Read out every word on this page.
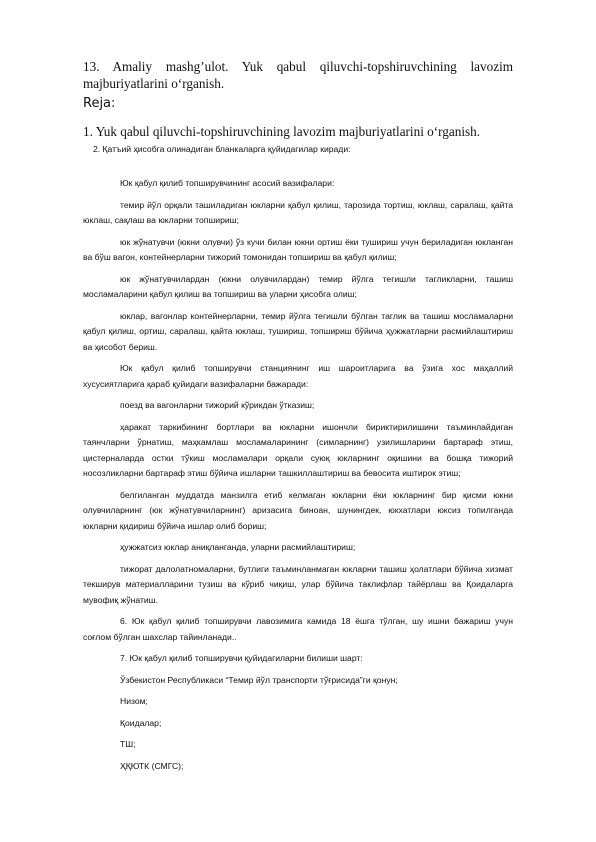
13. Amaliy mashg’ulot. Yuk qabul qiluvchi-topshiruvchining lavozim majburiyatlarini o‘rganish.
Reja:
1. Yuk qabul qiluvchi-topshiruvchining lavozim majburiyatlarini o‘rganish.
2. Қатъий ҳисобга олинадиган бланкаларга қуйидагилар киради:

Юк қабул қилиб топширувчининг асосий вазифалари:

темир йўл орқали ташиладиган юкларни қабул қилиш, тарозида тортиш, юклаш, саралаш, қайта юклаш, сақлаш ва юкларни топшириш;

юк жўнатувчи (юкни олувчи) ўз кучи билан юкни ортиш ёки тушириш учун бериладиган юкланган ва бўш вагон, контейнерларни тижорий томонидан топшириш ва қабул қилиш;

юк жўнатувчилардан (юкни олувчилардан) темир йўлга тегишли тагликларни, ташиш мосламаларини қабул қилиш ва топшириш ва уларни ҳисобга олиш;

юклар, вагонлар контейнерларни, темир йўлга тегишли бўлган таглик ва ташиш мосламаларни қабул қилиш, ортиш, саралаш, қайта юклаш, тушириш, топшириш бўйича ҳужжатларни расмийлаштириш ва ҳисобот бериш.

Юк қабул қилиб топширувчи станциянинг иш шароитларига ва ўзига хос маҳаллий хусусиятларига қараб қуйидаги вазифаларни бажаради:

поезд ва вагонларни тижорий кўрикдан ўтказиш;

ҳаракат таркибининг бортлари ва юкларни ишончли бириктирилишини таъминлайдиган таянчларни ўрнатиш, маҳкамлаш мосламаларининг (симларнинг) узилишларини бартараф этиш, цистерналарда остки тўкиш мосламалари орқали суюқ юкларнинг оқишини ва бошқа тижорий носозликларни бартараф этиш бўйича ишларни ташкиллаштириш ва бевосита иштирок этиш;

белгиланган муддатда манзилга етиб келмаган юкларни ёки юкларнинг бир қисми юкни олувчиларнинг (юк жўнатувчиларнинг) аризасига биноан, шунингдек, юкхатлари юксиз топилганда юкларни қидириш бўйича ишлар олиб бориш;

ҳужжатсиз юклар аниқланганда, уларни расмийлаштириш;

тижорат далолатномаларни, бутлиги таъминланмаган юкларни ташиш ҳолатлари бўйича хизмат текширув материалларини тузиш ва кўриб чиқиш, улар бўйича таклифлар тайёрлаш ва Қоидаларга мувофиқ жўнатиш.

6. Юк қабул қилиб топширувчи лавозимига камида 18 ёшга тўлган, шу ишни бажариш учун соғлом бўлган шахслар тайинланади..

7. Юк қабул қилиб топширувчи қуйидагиларни билиши шарт:

Ўзбекистон Республикаси “Темир йўл транспорти тўғрисида”ги қонун;

Низом;

Қоидалар;

ТШ;

ҲҚЮТК (СМГС);
